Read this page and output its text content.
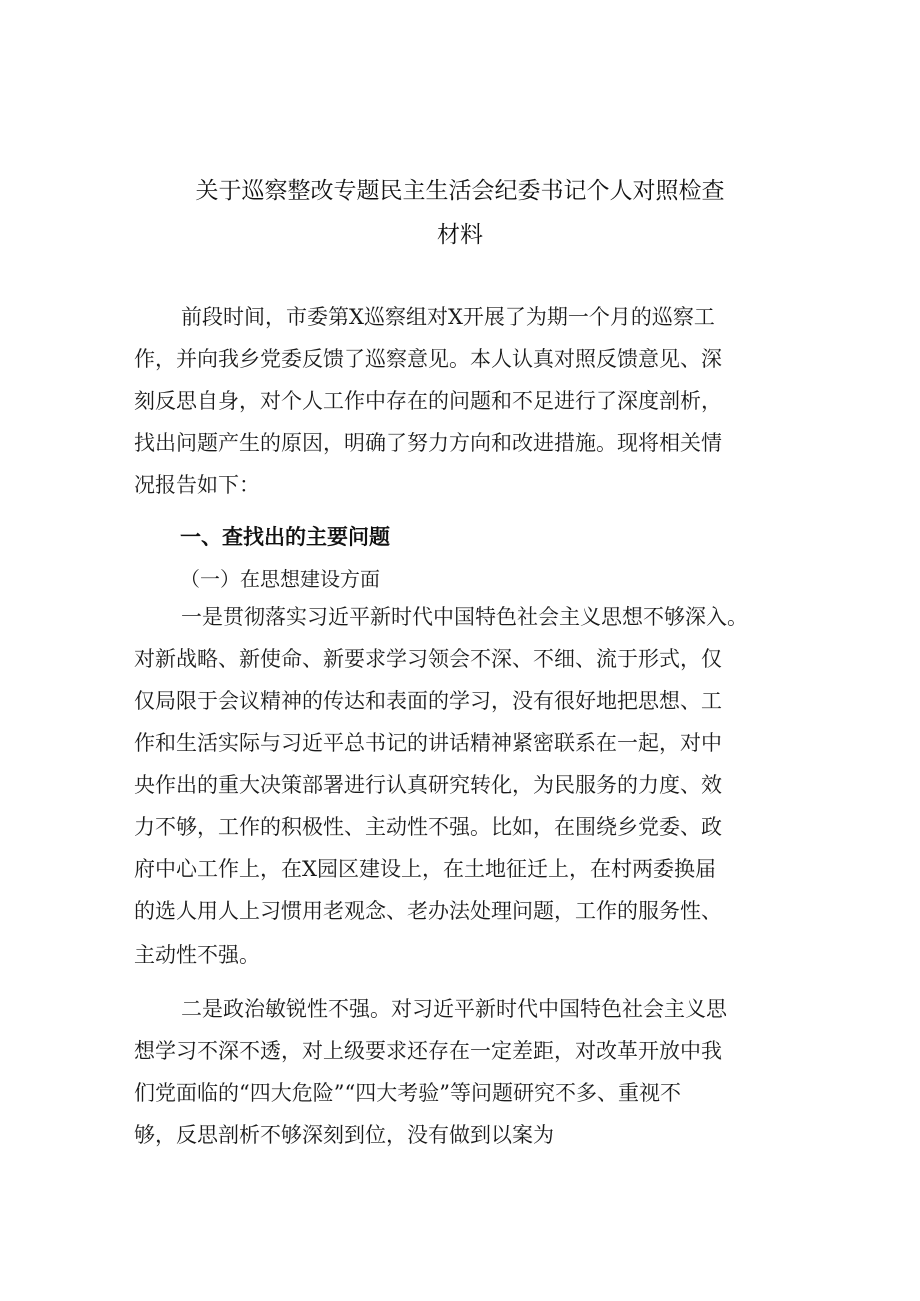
关于巡察整改专题民主生活会纪委书记个人对照检查
材料
前段时间，市委第X巡察组对X开展了为期一个月的巡察工
作，并向我乡党委反馈了巡察意见。本人认真对照反馈意见、深
刻反思自身，对个人工作中存在的问题和不足进行了深度剖析，
找出问题产生的原因，明确了努力方向和改进措施。现将相关情
况报告如下：
一、查找出的主要问题
（一）在思想建设方面
一是贯彻落实习近平新时代中国特色社会主义思想不够深入。
对新战略、新使命、新要求学习领会不深、不细、流于形式，仅
仅局限于会议精神的传达和表面的学习，没有很好地把思想、工
作和生活实际与习近平总书记的讲话精神紧密联系在一起，对中
央作出的重大决策部署进行认真研究转化，为民服务的力度、效
力不够，工作的积极性、主动性不强。比如，在围绕乡党委、政
府中心工作上，在X园区建设上，在土地征迁上，在村两委换届
的选人用人上习惯用老观念、老办法处理问题，工作的服务性、
主动性不强。
二是政治敏锐性不强。对习近平新时代中国特色社会主义思
想学习不深不透，对上级要求还存在一定差距，对改革开放中我
们党面临的“四大危险”“四大考验”等问题研究不多、重视不
够，反思剖析不够深刻到位，没有做到以案为
